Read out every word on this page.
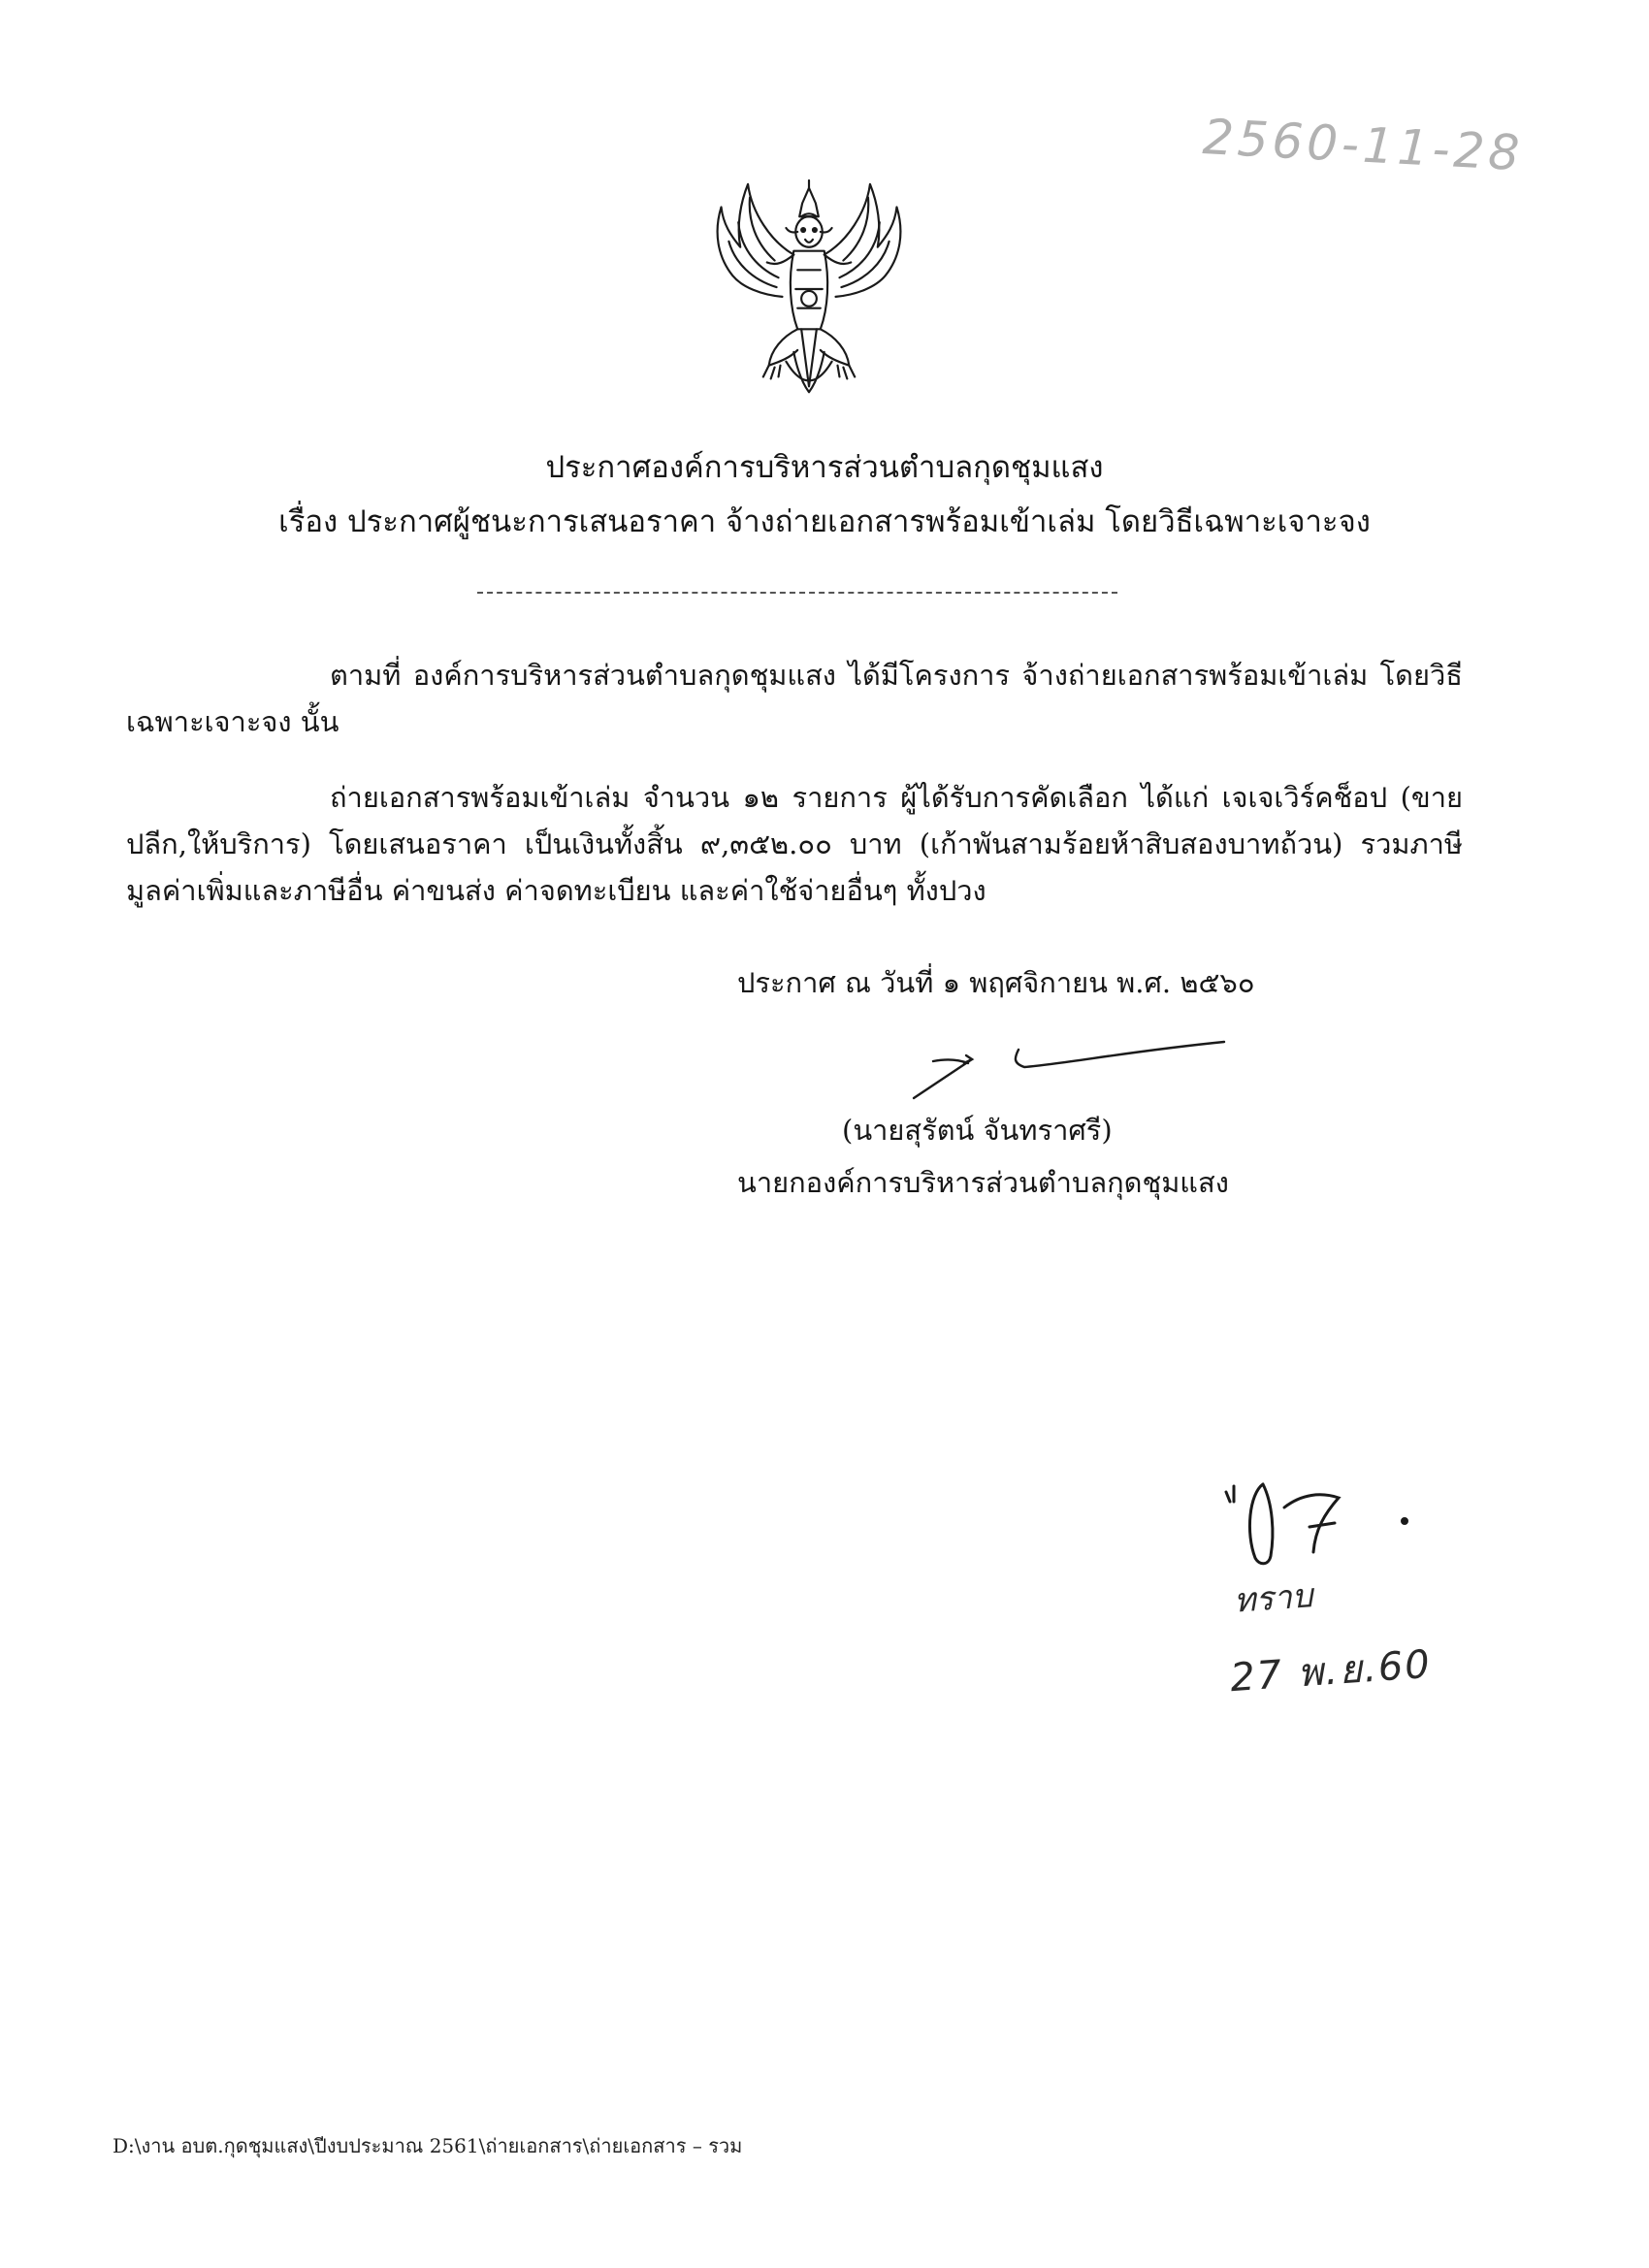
2560-11-28
ประกาศองค์การบริหารส่วนตำบลกุดชุมแสง
เรื่อง ประกาศผู้ชนะการเสนอราคา จ้างถ่ายเอกสารพร้อมเข้าเล่ม โดยวิธีเฉพาะเจาะจง

ตามที่ องค์การบริหารส่วนตำบลกุดชุมแสง ได้มีโครงการ จ้างถ่ายเอกสารพร้อมเข้าเล่ม โดยวิธีเฉพาะเจาะจง นั้น

ถ่ายเอกสารพร้อมเข้าเล่ม จำนวน ๑๒ รายการ ผู้ได้รับการคัดเลือก ได้แก่ เจเจเวิร์คช็อป (ขายปลีก,ให้บริการ) โดยเสนอราคา เป็นเงินทั้งสิ้น ๙,๓๕๒.๐๐ บาท (เก้าพันสามร้อยห้าสิบสองบาทถ้วน) รวมภาษีมูลค่าเพิ่มและภาษีอื่น ค่าขนส่ง ค่าจดทะเบียน และค่าใช้จ่ายอื่นๆ ทั้งปวง

ประกาศ ณ วันที่ ๑ พฤศจิกายน พ.ศ. ๒๕๖๐
(นายสุรัตน์ จันทราศรี)
นายกองค์การบริหารส่วนตำบลกุดชุมแสง
ทราบ
27 พ.ย.60
D:\งาน อบต.กุดชุมแสง\ปีงบประมาณ 2561\ถ่ายเอกสาร\ถ่ายเอกสาร – รวม
